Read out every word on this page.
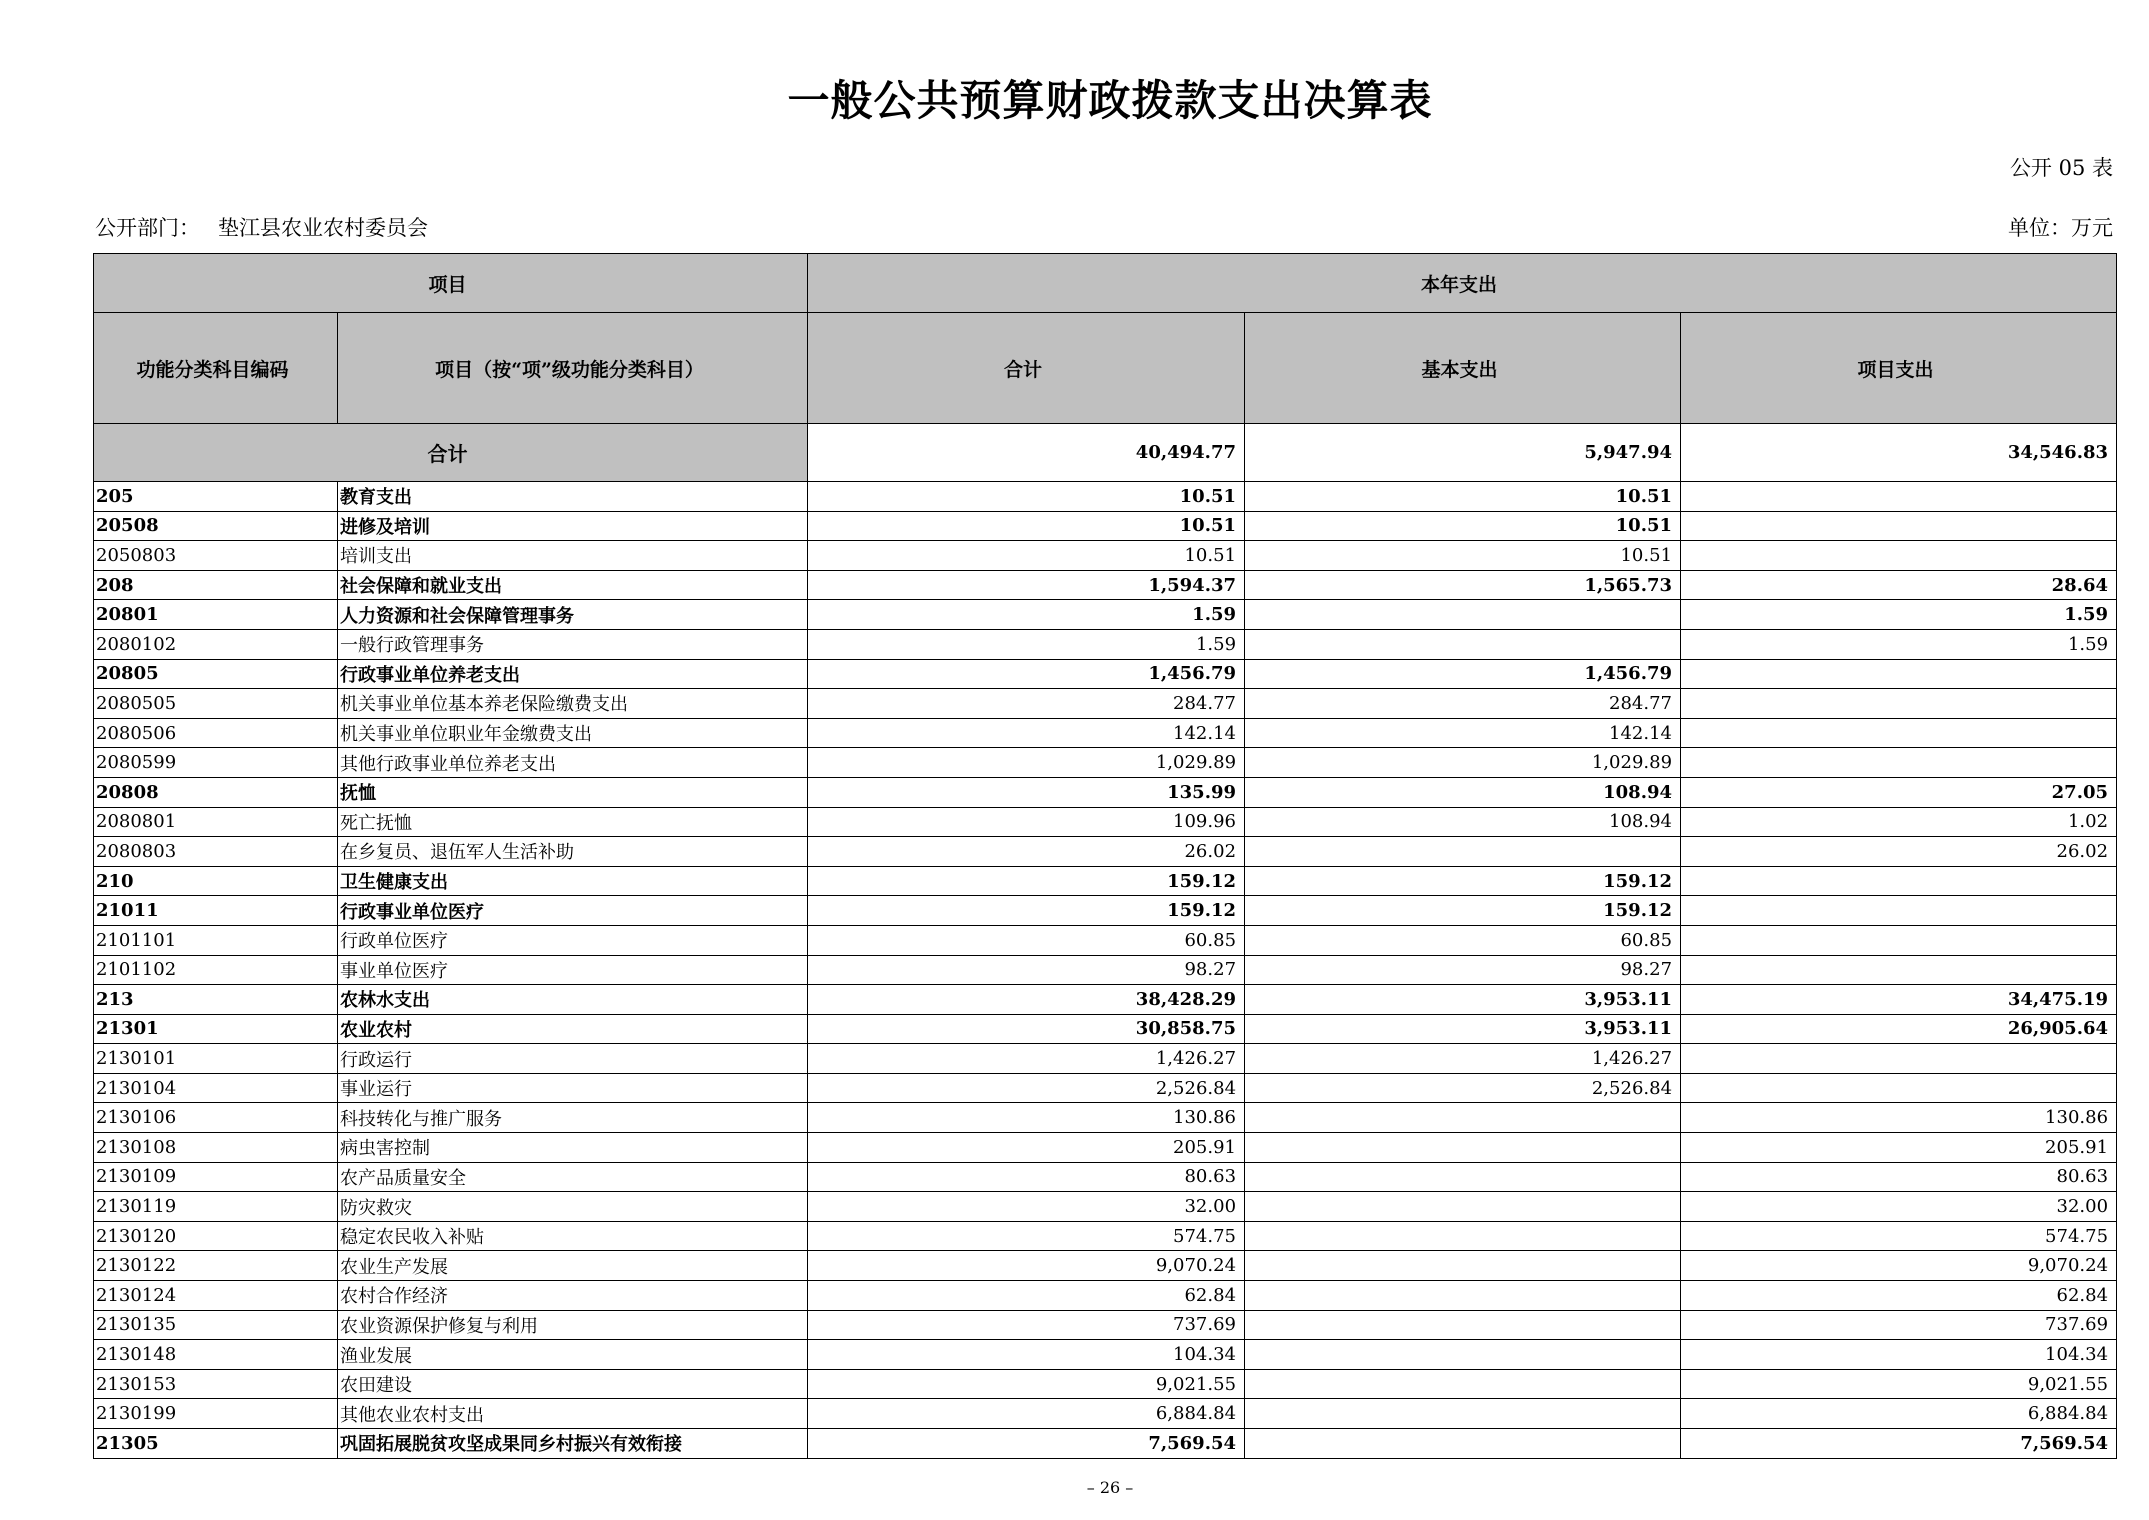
一般公共预算财政拨款支出决算表
公开 05 表
公开部门： 垫江县农业农村委员会	单位：万元
项目		本年支出		
功能分类科目编码	项目（按“项”级功能分类科目）	合计	基本支出	项目支出
合计		40,494.77	5,947.94	34,546.83
205	教育支出	10.51	10.51	
20508	进修及培训	10.51	10.51	
2050803	培训支出	10.51	10.51	
208	社会保障和就业支出	1,594.37	1,565.73	28.64
20801	人力资源和社会保障管理事务	1.59		1.59
2080102	一般行政管理事务	1.59		1.59
20805	行政事业单位养老支出	1,456.79	1,456.79	
2080505	机关事业单位基本养老保险缴费支出	284.77	284.77	
2080506	机关事业单位职业年金缴费支出	142.14	142.14	
2080599	其他行政事业单位养老支出	1,029.89	1,029.89	
20808	抚恤	135.99	108.94	27.05
2080801	死亡抚恤	109.96	108.94	1.02
2080803	在乡复员、退伍军人生活补助	26.02		26.02
210	卫生健康支出	159.12	159.12	
21011	行政事业单位医疗	159.12	159.12	
2101101	行政单位医疗	60.85	60.85	
2101102	事业单位医疗	98.27	98.27	
213	农林水支出	38,428.29	3,953.11	34,475.19
21301	农业农村	30,858.75	3,953.11	26,905.64
2130101	行政运行	1,426.27	1,426.27	
2130104	事业运行	2,526.84	2,526.84	
2130106	科技转化与推广服务	130.86		130.86
2130108	病虫害控制	205.91		205.91
2130109	农产品质量安全	80.63		80.63
2130119	防灾救灾	32.00		32.00
2130120	稳定农民收入补贴	574.75		574.75
2130122	农业生产发展	9,070.24		9,070.24
2130124	农村合作经济	62.84		62.84
2130135	农业资源保护修复与利用	737.69		737.69
2130148	渔业发展	104.34		104.34
2130153	农田建设	9,021.55		9,021.55
2130199	其他农业农村支出	6,884.84		6,884.84
21305	巩固拓展脱贫攻坚成果同乡村振兴有效衔接	7,569.54		7,569.54
– 26 –
